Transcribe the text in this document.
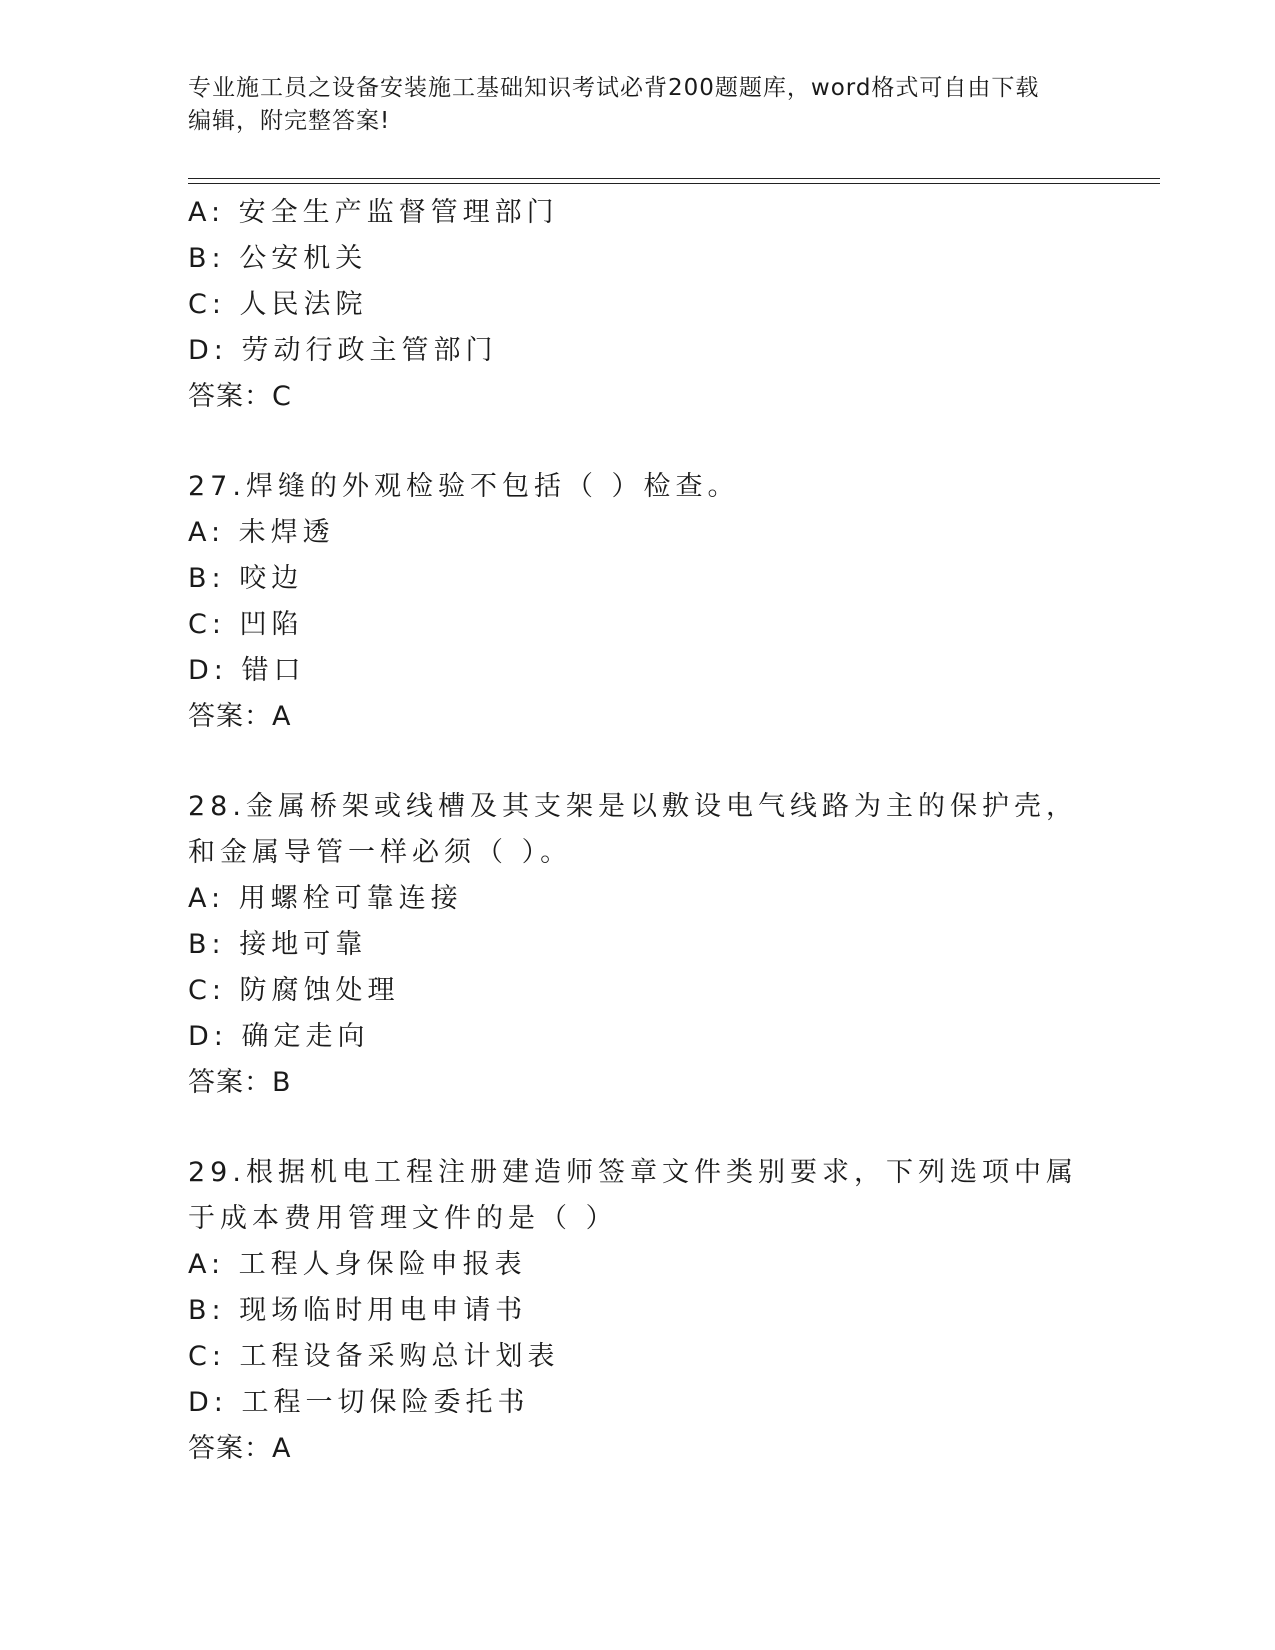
专业施工员之设备安装施工基础知识考试必背200题题库，word格式可自由下载
编辑，附完整答案!
A: 安全生产监督管理部门
B: 公安机关
C: 人民法院
D: 劳动行政主管部门
答案：C
27.焊缝的外观检验不包括（ ）检查。
A: 未焊透
B: 咬边
C: 凹陷
D: 错口
答案：A
28.金属桥架或线槽及其支架是以敷设电气线路为主的保护壳，和金属导管一样必须（ ）。
A: 用螺栓可靠连接
B: 接地可靠
C: 防腐蚀处理
D: 确定走向
答案：B
29.根据机电工程注册建造师签章文件类别要求，下列选项中属于成本费用管理文件的是（ ）
A: 工程人身保险申报表
B: 现场临时用电申请书
C: 工程设备采购总计划表
D: 工程一切保险委托书
答案：A
